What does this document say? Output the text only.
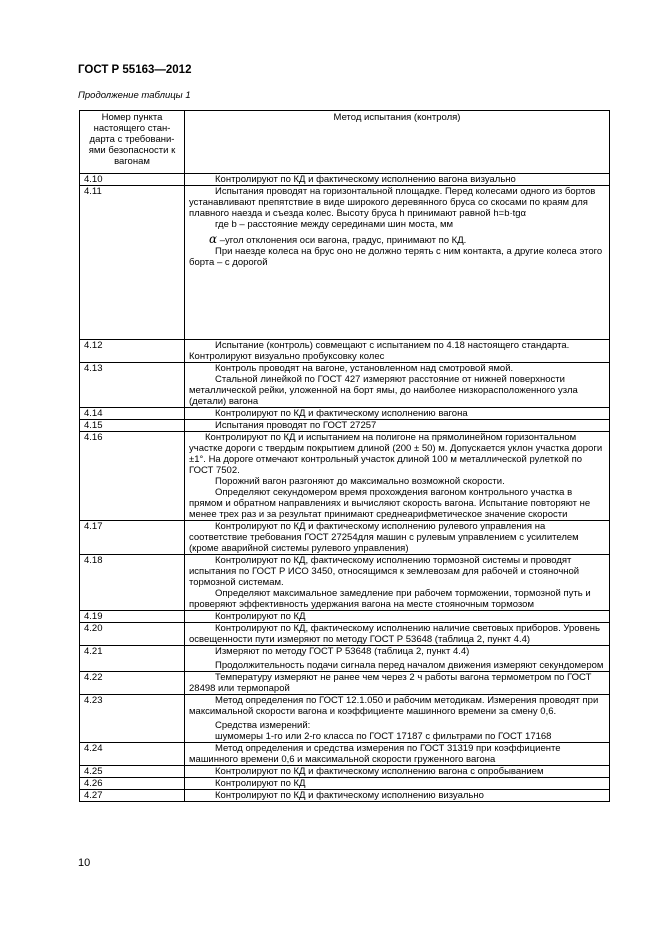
ГОСТ Р 55163—2012
Продолжение таблицы 1
Номер пункта настоящего стан-дарта с требовани-ями безопасности к вагонам	Метод испытания (контроля)
4.10	Контролируют по КД и фактическому исполнению вагона визуально

4.11	Испытания проводят на горизонтальной площадке. Перед колесами одного из бортов устанавливают препятствие в виде широкого деревянного бруса со скосами по краям для плавного наезда и съезда колес. Высоту бруса h принимают равной h=b·tgα

где b – расстояние между серединами шин моста, мм

α –угол отклонения оси вагона, градус, принимают по КД.

При наезде колеса на брус оно не должно терять с ним контакта, а другие колеса этого борта – с дорогой

4.12	Испытание (контроль) совмещают с испытанием по 4.18 настоящего стандарта. Контролируют визуально пробуксовку колес

4.13	Контроль проводят на вагоне, установленном над смотровой ямой.

Стальной линейкой по ГОСТ 427 измеряют расстояние от нижней поверхности металлической рейки, уложенной на борт ямы, до наиболее низкорасположенного узла (детали) вагона

4.14	Контролируют по КД и фактическому исполнению вагона

4.15	Испытания проводят по ГОСТ 27257

4.16	Контролируют по КД и испытанием на полигоне на прямолинейном горизонтальном участке дороги с твердым покрытием длиной (200 ± 50) м. Допускается уклон участка дороги ±1°. На дороге отмечают контрольный участок длиной 100 м металлической рулеткой по ГОСТ 7502.

Порожний вагон разгоняют до максимально возможной скорости.

Определяют секундомером время прохождения вагоном контрольного участка в прямом и обратном направлениях и вычисляют скорость вагона. Испытание повторяют не менее трех раз и за результат принимают среднеарифметическое значение скорости

4.17	Контролируют по КД и фактическому исполнению рулевого управления на соответствие требования ГОСТ 27254для машин с рулевым управлением с усилителем (кроме аварийной системы рулевого управления)

4.18	Контролируют по КД, фактическому исполнению тормозной системы и проводят испытания по ГОСТ Р ИСО 3450, относящимся к землевозам для рабочей и стояночной тормозной системам.

Определяют максимальное замедление при рабочем торможении, тормозной путь и проверяют эффективность удержания вагона на месте стояночным тормозом

4.19	Контролируют по КД

4.20	Контролируют по КД, фактическому исполнению наличие световых приборов. Уровень освещенности пути измеряют по методу ГОСТ Р 53648 (таблица 2, пункт 4.4)

4.21	Измеряют по методу ГОСТ Р 53648 (таблица 2, пункт 4.4)

Продолжительность подачи сигнала перед началом движения измеряют секундомером

4.22	Температуру измеряют не ранее чем через 2 ч работы вагона термометром по ГОСТ 28498 или термопарой

4.23	Метод определения по ГОСТ 12.1.050 и рабочим методикам. Измерения проводят при максимальной скорости вагона и коэффициенте машинного времени за смену 0,6.

Средства измерений:

шумомеры 1-го или 2-го класса по ГОСТ 17187 с фильтрами по ГОСТ 17168

4.24	Метод определения и средства измерения по ГОСТ 31319 при коэффициенте машинного времени 0,6 и максимальной скорости груженного вагона

4.25	Контролируют по КД и фактическому исполнению вагона с опробыванием

4.26	Контролируют по КД

4.27	Контролируют по КД и фактическому исполнению визуально

10
